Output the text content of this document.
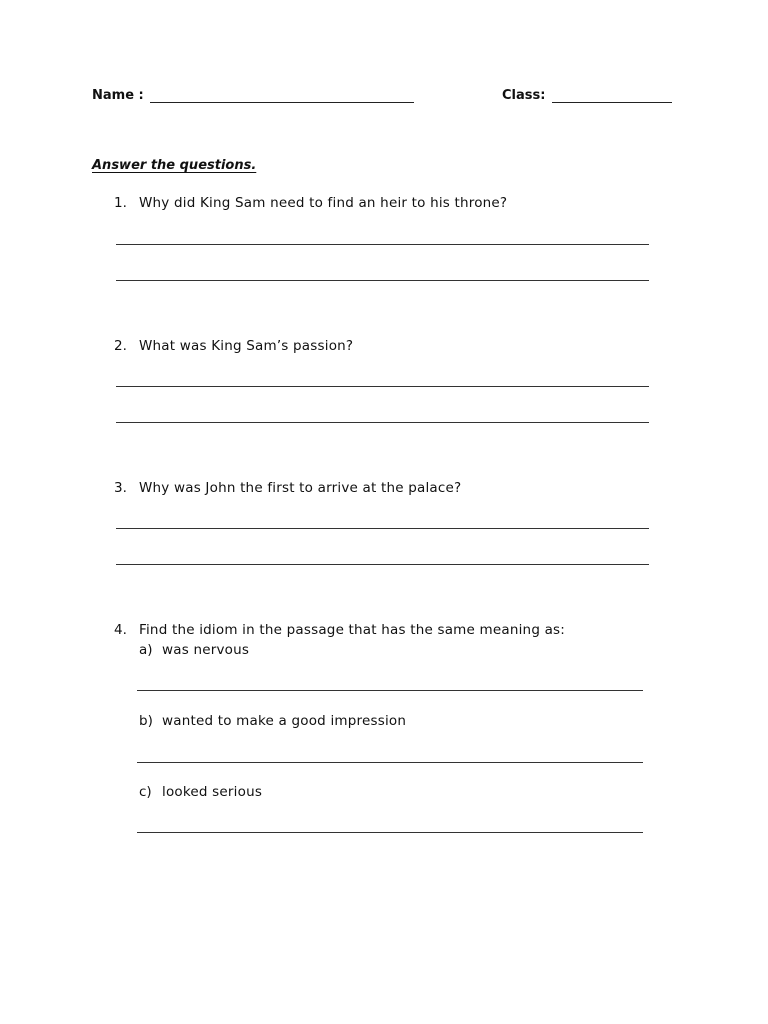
Name :	Class:
Answer the questions.
1. Why did King Sam need to find an heir to his throne?
2. What was King Sam’s passion?
3. Why was John the first to arrive at the palace?
4. Find the idiom in the passage that has the same meaning as:
a) was nervous
b) wanted to make a good impression
c) looked serious
